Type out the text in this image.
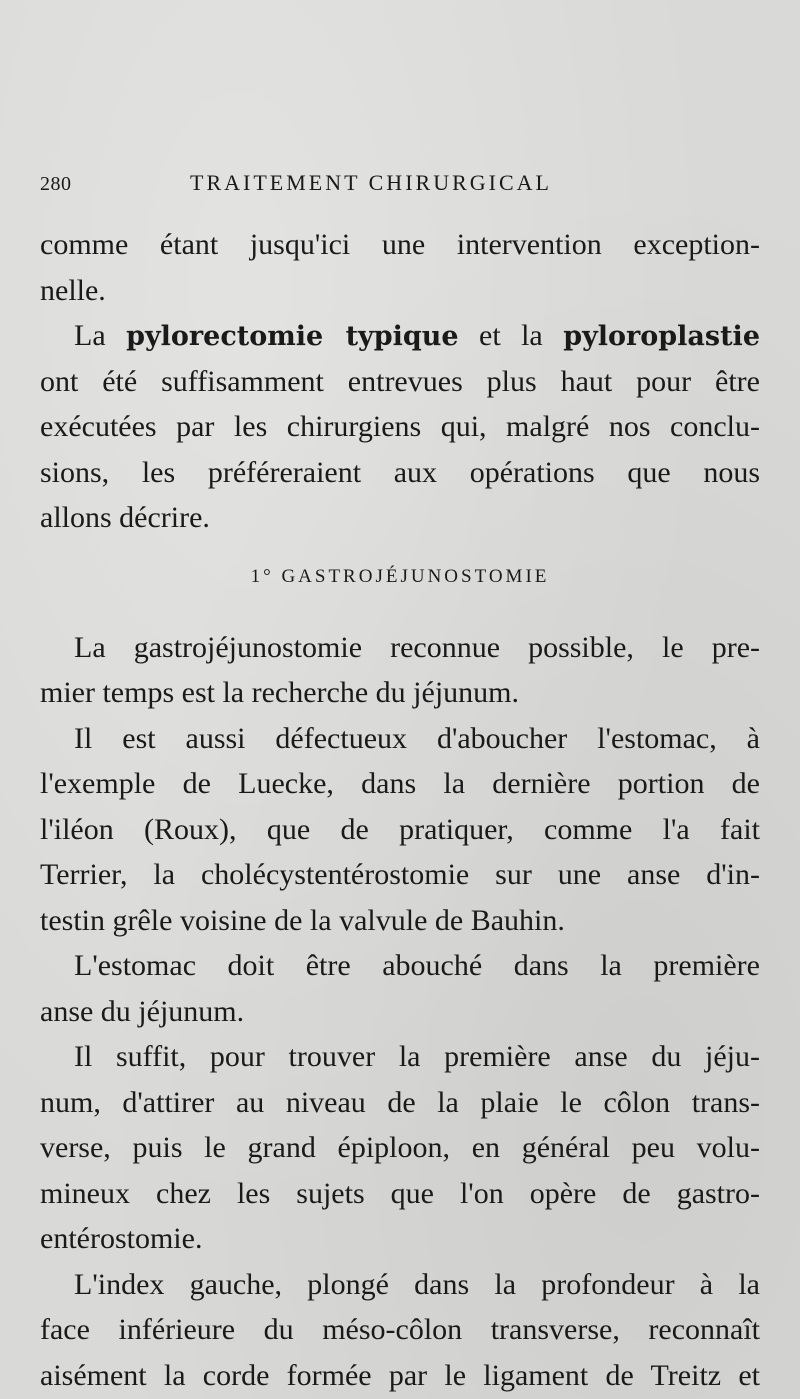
280	TRAITEMENT CHIRURGICAL
comme étant jusqu'ici une intervention exception-
nelle.
La pylorectomie typique et la pyloroplastie
ont été suffisamment entrevues plus haut pour être
exécutées par les chirurgiens qui, malgré nos conclu-
sions, les préféreraient aux opérations que nous
allons décrire.
1° GASTROJÉJUNOSTOMIE
La gastrojéjunostomie reconnue possible, le pre-
mier temps est la recherche du jéjunum.
Il est aussi défectueux d'aboucher l'estomac, à
l'exemple de Luecke, dans la dernière portion de
l'iléon (Roux), que de pratiquer, comme l'a fait
Terrier, la cholécystentérostomie sur une anse d'in-
testin grêle voisine de la valvule de Bauhin.
L'estomac doit être abouché dans la première
anse du jéjunum.
Il suffit, pour trouver la première anse du jéju-
num, d'attirer au niveau de la plaie le côlon trans-
verse, puis le grand épiploon, en général peu volu-
mineux chez les sujets que l'on opère de gastro-
entérostomie.
L'index gauche, plongé dans la profondeur à la
face inférieure du méso-côlon transverse, reconnaît
aisément la corde formée par le ligament de Treitz et
